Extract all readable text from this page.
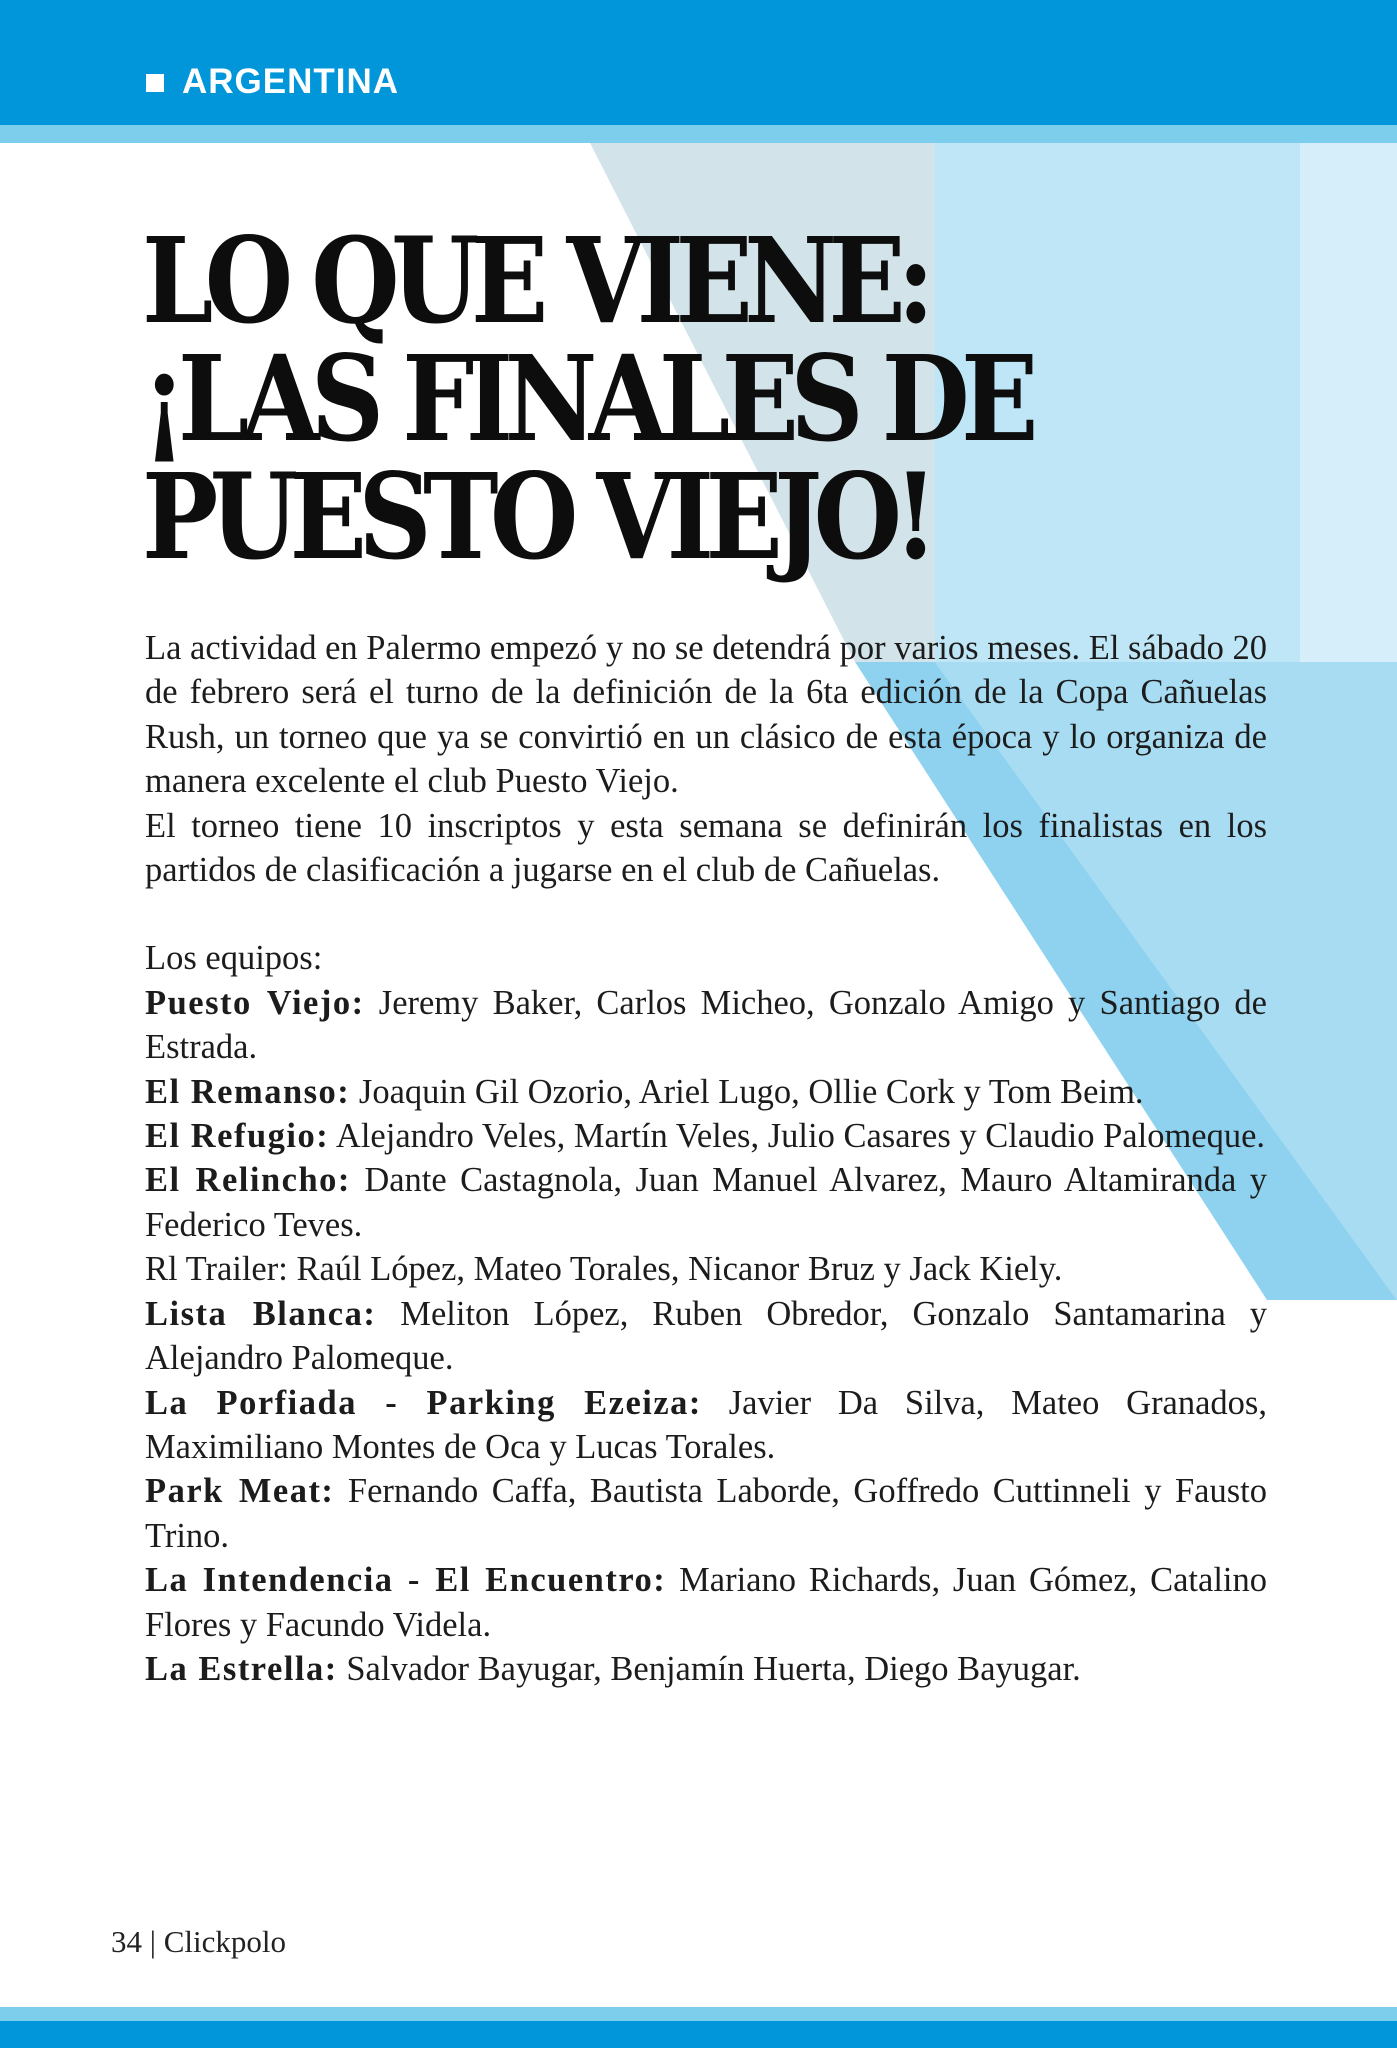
ARGENTINA
LO QUE VIENE:
¡LAS FINALES DE
PUESTO VIEJO!

La actividad en Palermo empezó y no se detendrá por varios meses. El sábado 20 de febrero será el turno de la definición de la 6ta edición de la Copa Cañuelas Rush, un torneo que ya se convirtió en un clásico de esta época y lo organiza de manera excelente el club Puesto Viejo.

El torneo tiene 10 inscriptos y esta semana se definirán los finalistas en los partidos de clasificación a jugarse en el club de Cañuelas.

Los equipos:

Puesto Viejo: Jeremy Baker, Carlos Micheo, Gonzalo Amigo y Santiago de Estrada.

El Remanso: Joaquin Gil Ozorio, Ariel Lugo, Ollie Cork y Tom Beim.

El Refugio: Alejandro Veles, Martín Veles, Julio Casares y Claudio Palomeque.

El Relincho: Dante Castagnola, Juan Manuel Alvarez, Mauro Altamiranda y Federico Teves.

Rl Trailer: Raúl López, Mateo Torales, Nicanor Bruz y Jack Kiely.

Lista Blanca: Meliton López, Ruben Obredor, Gonzalo Santamarina y Alejandro Palomeque.

La Porfiada - Parking Ezeiza: Javier Da Silva, Mateo Granados, Maximiliano Montes de Oca y Lucas Torales.

Park Meat: Fernando Caffa, Bautista Laborde, Goffredo Cuttinneli y Fausto Trino.

La Intendencia - El Encuentro: Mariano Richards, Juan Gómez, Catalino Flores y Facundo Videla.

La Estrella: Salvador Bayugar, Benjamín Huerta, Diego Bayugar.

34 | Clickpolo
